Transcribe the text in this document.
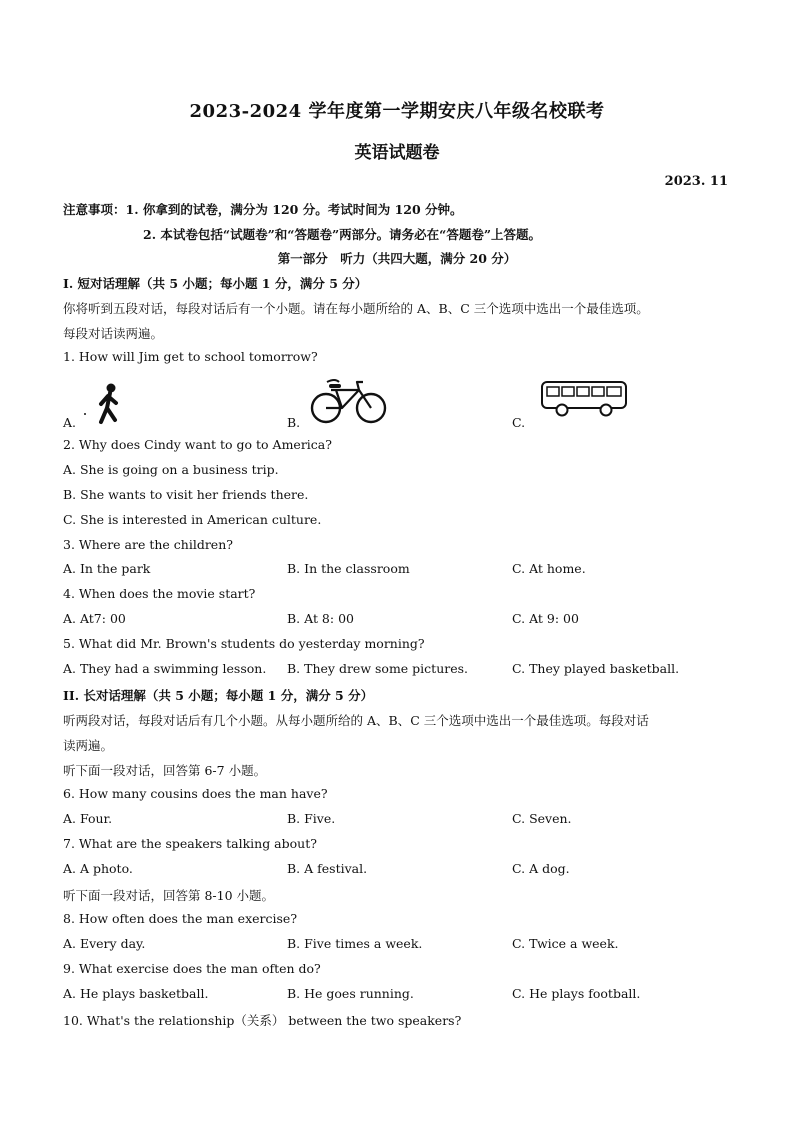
2023-2024 学年度第一学期安庆八年级名校联考
英语试题卷
2023. 11
注意事项：1. 你拿到的试卷，满分为 120 分。考试时间为 120 分钟。
2. 本试卷包括“试题卷”和“答题卷”两部分。请务必在“答题卷”上答题。
第一部分　听力（共四大题，满分 20 分）
I. 短对话理解（共 5 小题；每小题 1 分，满分 5 分）
你将听到五段对话，每段对话后有一个小题。请在每小题所给的 A、B、C 三个选项中选出一个最佳选项。
每段对话读两遍。
1. How will Jim get to school tomorrow?
A.	B.	C.
2. Why does Cindy want to go to America?
A. She is going on a business trip.
B. She wants to visit her friends there.
C. She is interested in American culture.
3. Where are the children?
A. In the park	B. In the classroom	C. At home.
4. When does the movie start?
A. At7: 00	B. At 8: 00	C. At 9: 00
5. What did Mr. Brown's students do yesterday morning?
A. They had a swimming lesson. B. They drew some pictures.	C. They played basketball.
II. 长对话理解（共 5 小题；每小题 1 分，满分 5 分）
听两段对话，每段对话后有几个小题。从每小题所给的 A、B、C 三个选项中选出一个最佳选项。每段对话
读两遍。
听下面一段对话，回答第 6-7 小题。
6. How many cousins does the man have?
A. Four.	B. Five.	C. Seven.
7. What are the speakers talking about?
A. A photo.	B. A festival.	C. A dog.
听下面一段对话，回答第 8-10 小题。
8. How often does the man exercise?
A. Every day.	B. Five times a week.	C. Twice a week.
9. What exercise does the man often do?
A. He plays basketball.	B. He goes running.	C. He plays football.
10. What's the relationship（关系） between the two speakers?
